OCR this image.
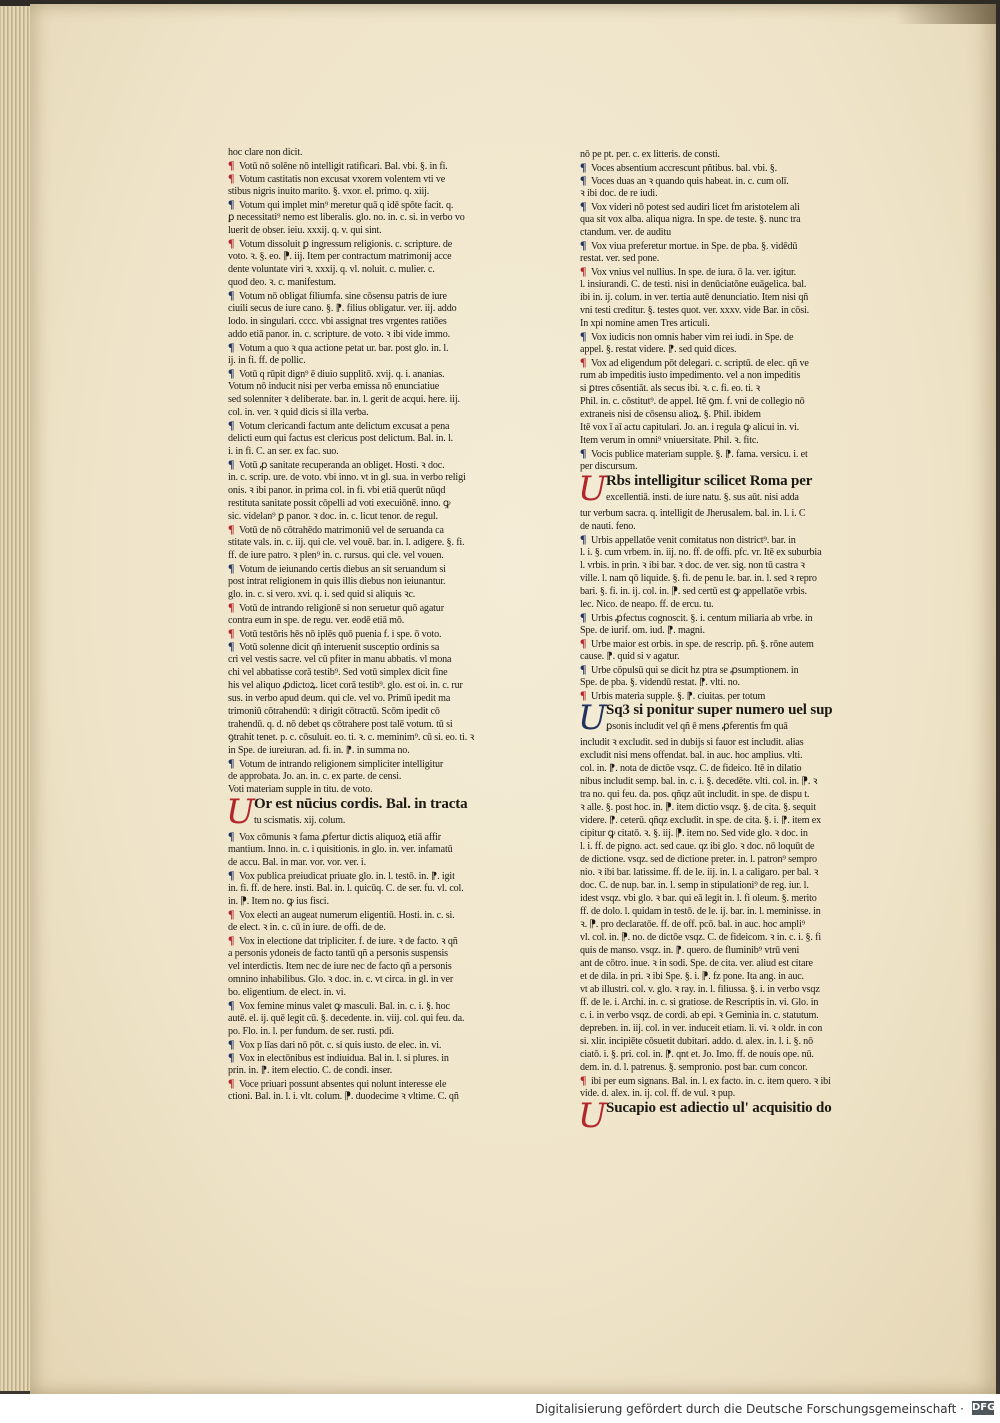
hoc clare non dicit.
¶ Votū nō solēne nō intelligit ratificari. Bal. vbi. §. in fi.
¶ Votum castitatis non excusat vxorem volentem vti ve
stibus nigris inuito marito. §. vxor. el. primo. q. xiij.
¶ Votum qui implet min⁹ meretur quā q idē spōte facit. q.
ꝑ necessitati⁹ nemo est liberalis. glo. no. in. c. si. in verbo vo
luerit de obser. ieiu. xxxij. q. v. qui sint.
¶ Votum dissoluit ꝑ ingressum religionis. c. scripture. de
voto. ꝛ. §. eo. ⁋. iij. Item per contractum matrimonij acce
dente voluntate viri ꝛ. xxxij. q. vl. noluit. c. mulier. c.
quod deo. ꝛ. c. manifestum.
¶ Votum nō obligat filiumfa. sine cōsensu patris de iure
ciuili secus de iure cano. §. ⁋. filius obligatur. ver. iij. addo
lodo. in singulari. cccc. vbi assignat tres vrgentes ratiōes
addo etiā panor. in. c. scripture. de voto. ꝛ ibi vide immo.
¶ Votum a quo ꝛ qua actione petat ur. bar. post glo. in. l.
ij. in fi. ff. de pollic.
¶ Votū q rūpit dign⁹ ē diuio supplitō. xvij. q. i. ananias.
Votum nō inducit nisi per verba emissa nō enunciatiue
sed solenniter ꝛ deliberate. bar. in. l. gerit de acqui. here. iij.
col. in. ver. ꝛ quid dicis si illa verba.
¶ Votum clericandi factum ante delictum excusat a pena
delicti eum qui factus est clericus post delictum. Bal. in. l.
i. in fi. C. an ser. ex fac. suo.
¶ Votū ꝓ sanitate recuperanda an obliget. Hosti. ꝛ doc.
in. c. scrip. ure. de voto. vbi inno. vt in gl. sua. in verbo religi
onis. ꝛ ibi panor. in prima col. in fi. vbi etiā querūt nūqd
restituta sanitate possit cōpelli ad voti execuiōnē. inno. ꝙ
sic. videlan⁹ ꝑ panor. ꝛ doc. in. c. licut tenor. de regul.
¶ Votū de nō cōtrahēdo matrimoniū vel de seruanda ca
stitate vals. in. c. iij. qui cle. vel vouē. bar. in. l. adigere. §. fi.
ff. de iure patro. ꝛ plen⁹ in. c. rursus. qui cle. vel vouen.
¶ Votum de ieiunando certis diebus an sit seruandum si
post intrat religionem in quis illis diebus non ieiunantur.
glo. in. c. si vero. xvi. q. i. sed quid si aliquis ꝛc.
¶ Votū de intrando religionē si non seruetur quō agatur
contra eum in spe. de regu. ver. eodē etiā mō.
¶ Votū testōris hēs nō iplēs quō puenia f. i spe. ō voto.
¶ Votū solenne dicit qñ interuenit susceptio ordinis sa
cri vel vestis sacre. vel cū pfiter in manu abbatis. vl mona
chi vel abbatisse corā testib⁹. Sed votū simplex dicit fine
his vel aliquo ꝓdictoꝝ. licet corā testib⁹. glo. est oi. in. c. rur
sus. in verbo apud deum. qui cle. vel vo. Primū ipedit ma
trimoniū cōtrahendū: ꝛ dirigit cōtractū. Scōm ipedit cō
trahendū. q. d. nō debet qs cōtrahere post talē votum. tū si
ꝯtrahit tenet. p. c. cōsuluit. eo. ti. ꝛ. c. meminim⁹. cū si. eo. ti. ꝛ
in Spe. de iureiuran. ad. fi. in. ⁋. in summa no.
¶ Votum de intrando religionem simpliciter intelligitur
de approbata. Jo. an. in. c. ex parte. de censi.
Voti materiam supple in titu. de voto.
U Or est nūcius cordis. Bal. in tracta
tu scismatis. xij. colum.
¶ Vox cōmunis ꝛ fama ꝓfertur dictis aliquoꝝ etiā affir
mantium. Inno. in. c. i quisitionis. in glo. in. ver. infamatū
de accu. Bal. in mar. vor. vor. ver. i.
¶ Vox publica preiudicat priuate glo. in. l. testō. in. ⁋. igit
in. fi. ff. de here. insti. Bal. in. l. quicūq. C. de ser. fu. vl. col.
in. ⁋. Item no. ꝙ ius fisci.
¶ Vox electi an augeat numerum eligentiū. Hosti. in. c. si.
de elect. ꝛ in. c. cū in iure. de offi. de de.
¶ Vox in electione dat tripliciter. f. de iure. ꝛ de facto. ꝛ qñ
a personis ydoneis de facto tantū qñ a personis suspensis
vel interdictis. Item nec de iure nec de facto qñ a personis
omnino inhabilibus. Glo. ꝛ doc. in. c. vt circa. in gl. in ver
bo. eligentium. de elect. in. vi.
¶ Vox femine minus valet ꝙ masculi. Bal. in. c. i. §. hoc
autē. el. ij. quē legit cū. §. decedente. in. viij. col. qui feu. da.
po. Flo. in. l. per fundum. de ser. rusti. pdi.
¶ Vox p līas dari nō pōt. c. si quis iusto. de elec. in. vi.
¶ Vox in electōnibus est indiuidua. Bal in. l. si plures. in
prin. in. ⁋. item electio. C. de condi. inser.
¶ Voce priuari possunt absentes qui nolunt interesse ele
ctioni. Bal. in. l. i. vlt. colum. ⁋. duodecime ꝛ vltime. C. qñ
nō pe pt. per. c. ex litteris. de consti.
¶ Voces absentium accrescunt pñtibus. bal. vbi. §.
¶ Voces duas an ꝛ quando quis habeat. in. c. cum olī.
ꝛ ibi doc. de re iudi.
¶ Vox videri nō potest sed audiri licet fm aristotelem ali
qua sit vox alba. aliqua nigra. In spe. de teste. §. nunc tra
ctandum. ver. de auditu
¶ Vox viua preferetur mortue. in Spe. de pba. §. vidēdū
restat. ver. sed pone.
¶ Vox vnius vel nullius. In spe. de iura. ō la. ver. igitur.
l. insiurandi. C. de testi. nisi in denūciatōne euāgelica. bal.
ibi in. ij. colum. in ver. tertia autē denunciatio. Item nisi qñ
vni testi creditur. §. testes quot. ver. xxxv. vide Bar. in cōsi.
In xpi nomine amen Tres articuli.
¶ Vox iudicis non omnis haber vim rei iudi. in Spe. de
appel. §. restat videre. ⁋. sed quid dices.
¶ Vox ad eligendum pōt delegari. c. scriptū. de elec. qñ ve
rum ab impeditis iusto impedimento. vel a non impeditis
si ꝑtres cōsentiāt. als secus ibi. ꝛ. c. fi. eo. ti. ꝛ
Phil. in. c. cōstitut⁹. de appel. Itē ꝯm. f. vni de collegio nō
extraneis nisi de cōsensu alioꝝ. §. Phil. ibidem
Itē vox ī aī actu capitulari. Jo. an. i regula ꝙ alicui in. vi.
Item verum in omni⁹ vniuersitate. Phil. ꝛ. fitc.
¶ Vocis publice materiam supple. §. ⁋. fama. versicu. i. et
per discursum.
U Rbs intelligitur scilicet Roma per
excellentiā. insti. de iure natu. §. sus aūt. nisi adda
tur verbum sacra. q. intelligit de Jherusalem. bal. in. l. i. C
de nauti. feno.
¶ Urbis appellatōe venit comitatus non district⁹. bar. in
l. i. §. cum vrbem. in. iij. no. ff. de offi. pfc. vr. Itē ex suburbia
l. vrbis. in prin. ꝛ ibi bar. ꝛ doc. de ver. sig. non tū castra ꝛ
ville. l. nam qō liquide. §. fi. de penu le. bar. in. l. sed ꝛ repro
bari. §. fi. in. ij. col. in. ⁋. sed certū est ꝙ appellatōe vrbis.
lec. Nico. de neapo. ff. de ercu. tu.
¶ Urbis ꝓfectus cognoscit. §. i. centum miliaria ab vrbe. in
Spe. de iurif. om. iud. ⁋. magni.
¶ Urbe maior est orbis. in spe. de rescrip. pñ. §. rōne autem
cause. ⁋. quid si v agatur.
¶ Urbe cōpulsū qui se dicit hz ptra se ꝓsumptionem. in
Spe. de pba. §. videndū restat. ⁋. vlti. no.
¶ Urbis materia supple. §. ⁋. ciuitas. per totum
U Sq3 si ponitur super numero uel sup
ꝑsonis includit vel qñ ē mens ꝓferentis fm quā
includit ꝛ excludit. sed in dubijs si fauor est includit. alias
excludit nisi mens offendat. bal. in auc. hoc amplius. vlti.
col. in. ⁋. nota de dictōe vsqz. C. de fideico. Itē in dilatio
nibus includit semp. bal. in. c. i. §. decedēte. vlti. col. in. ⁋. ꝛ
tra no. qui feu. da. pos. qñqz aūt includit. in spe. de dispu t.
ꝛ alle. §. post hoc. in. ⁋. item dictio vsqz. §. de cita. §. sequit
videre. ⁋. ceterū. qñqz excludit. in spe. de cita. §. i. ⁋. item ex
cipitur ꝙ citatō. ꝛ. §. iij. ⁋. item no. Sed vide glo. ꝛ doc. in
l. i. ff. de pigno. act. sed caue. qz ibi glo. ꝛ doc. nō loquūt de
de dictione. vsqz. sed de dictione preter. in. l. patron⁹ sempro
nio. ꝛ ibi bar. latissime. ff. de le. iij. in. l. a caligaro. per bal. ꝛ
doc. C. de nup. bar. in. l. semp in stipulationi⁹ de reg. iur. l.
idest vsqz. vbi glo. ꝛ bar. qui eā legit in. l. fi oleum. §. merito
ff. de dolo. l. quidam in testō. de le. ij. bar. in. l. meminisse. in
ꝛ. ⁋. pro declaratōe. ff. de off. pcō. bal. in auc. hoc ampli⁹
vl. col. in. ⁋. no. de dictōe vsqz. C. de fideicom. ꝛ in. c. i. §. fi
quis de manso. vsqz. in. ⁋. quero. de fluminib⁹ vtrū veni
ant de cōtro. inue. ꝛ in sodi. Spe. de cita. ver. aliud est citare
et de dila. in pri. ꝛ ibi Spe. §. i. ⁋. fz pone. Ita ang. in auc.
vt ab illustri. col. v. glo. ꝛ ray. in. l. filiussa. §. i. in verbo vsqz
ff. de le. i. Archi. in. c. si gratiose. de Rescriptis in. vi. Glo. in
c. i. in verbo vsqz. de cordi. ab epi. ꝛ Geminia in. c. statutum.
depreben. in. iij. col. in ver. induceit etiam. li. vi. ꝛ oldr. in con
si. xlir. incipiēte cōsuetit dubitari. addo. d. alex. in. l. i. §. nō
ciatō. i. §. pri. col. in. ⁋. qnt et. Jo. Imo. ff. de nouis ope. nū.
dem. in. d. l. patrenus. §. sempronio. post bar. cum concor.
¶ ibi per eum signans. Bal. in. l. ex facto. in. c. item quero. ꝛ ibi
vide. d. alex. in. ij. col. ff. de vul. ꝛ pup.
U Sucapio est adiectio ul' acquisitio do
Digitalisierung gefördert durch die Deutsche Forschungsgemeinschaft · DFG
